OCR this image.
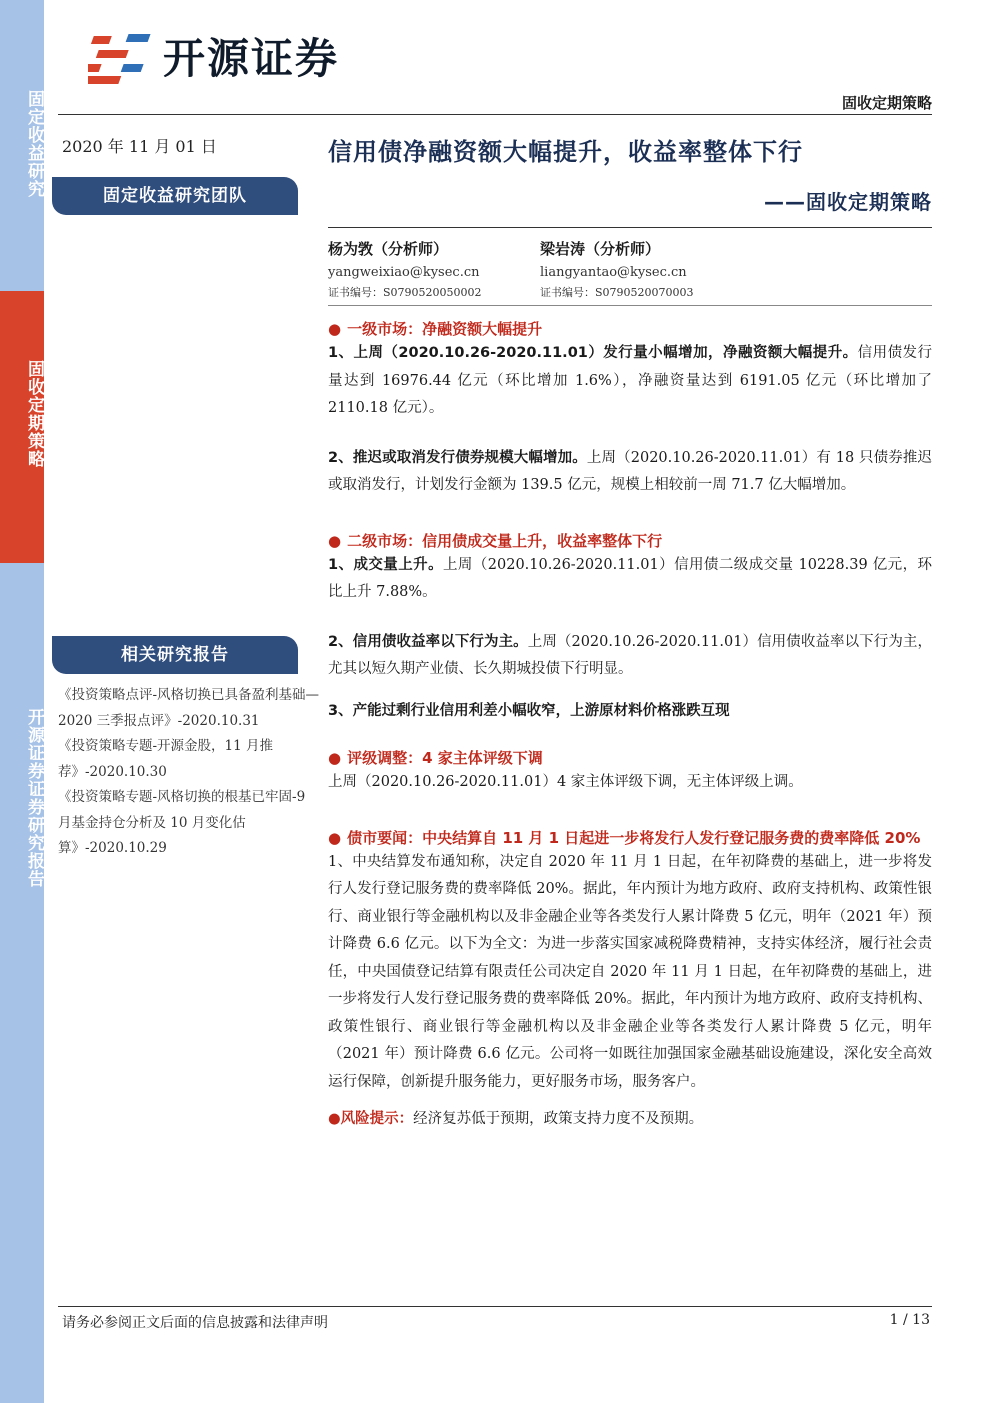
固定收益研究
固收定期策略
开源证券证券研究报告
开源证券
固收定期策略
2020 年 11 月 01 日
固定收益研究团队
相关研究报告

《投资策略点评-风格切换已具备盈利基础—2020 三季报点评》-2020.10.31

《投资策略专题-开源金股，11 月推荐》-2020.10.30

《投资策略专题-风格切换的根基已牢固-9 月基金持仓分析及 10 月变化估算》-2020.10.29

信用债净融资额大幅提升，收益率整体下行
——固收定期策略
杨为敩（分析师）
yangweixiao@kysec.cn
证书编号：S0790520050002
梁岩涛（分析师）
liangyantao@kysec.cn
证书编号：S0790520070003
● 一级市场：净融资额大幅提升
1、上周（2020.10.26-2020.11.01）发行量小幅增加，净融资额大幅提升。信用债发行量达到 16976.44 亿元（环比增加 1.6%），净融资量达到 6191.05 亿元（环比增加了 2110.18 亿元）。
2、推迟或取消发行债券规模大幅增加。上周（2020.10.26-2020.11.01）有 18 只债券推迟或取消发行，计划发行金额为 139.5 亿元，规模上相较前一周 71.7 亿大幅增加。
● 二级市场：信用债成交量上升，收益率整体下行
1、成交量上升。上周（2020.10.26-2020.11.01）信用债二级成交量 10228.39 亿元，环比上升 7.88%。
2、信用债收益率以下行为主。上周（2020.10.26-2020.11.01）信用债收益率以下行为主，尤其以短久期产业债、长久期城投债下行明显。
3、产能过剩行业信用利差小幅收窄，上游原材料价格涨跌互现
● 评级调整：4 家主体评级下调
上周（2020.10.26-2020.11.01）4 家主体评级下调，无主体评级上调。
● 债市要闻：中央结算自 11 月 1 日起进一步将发行人发行登记服务费的费率降低 20%
1、中央结算发布通知称，决定自 2020 年 11 月 1 日起，在年初降费的基础上，进一步将发行人发行登记服务费的费率降低 20%。据此，年内预计为地方政府、政府支持机构、政策性银行、商业银行等金融机构以及非金融企业等各类发行人累计降费 5 亿元，明年（2021 年）预计降费 6.6 亿元。以下为全文：为进一步落实国家减税降费精神，支持实体经济，履行社会责任，中央国债登记结算有限责任公司决定自 2020 年 11 月 1 日起，在年初降费的基础上，进一步将发行人发行登记服务费的费率降低 20%。据此，年内预计为地方政府、政府支持机构、政策性银行、商业银行等金融机构以及非金融企业等各类发行人累计降费 5 亿元，明年（2021 年）预计降费 6.6 亿元。公司将一如既往加强国家金融基础设施建设，深化安全高效运行保障，创新提升服务能力，更好服务市场，服务客户。
●风险提示：经济复苏低于预期，政策支持力度不及预期。
请务必参阅正文后面的信息披露和法律声明	1 / 13
